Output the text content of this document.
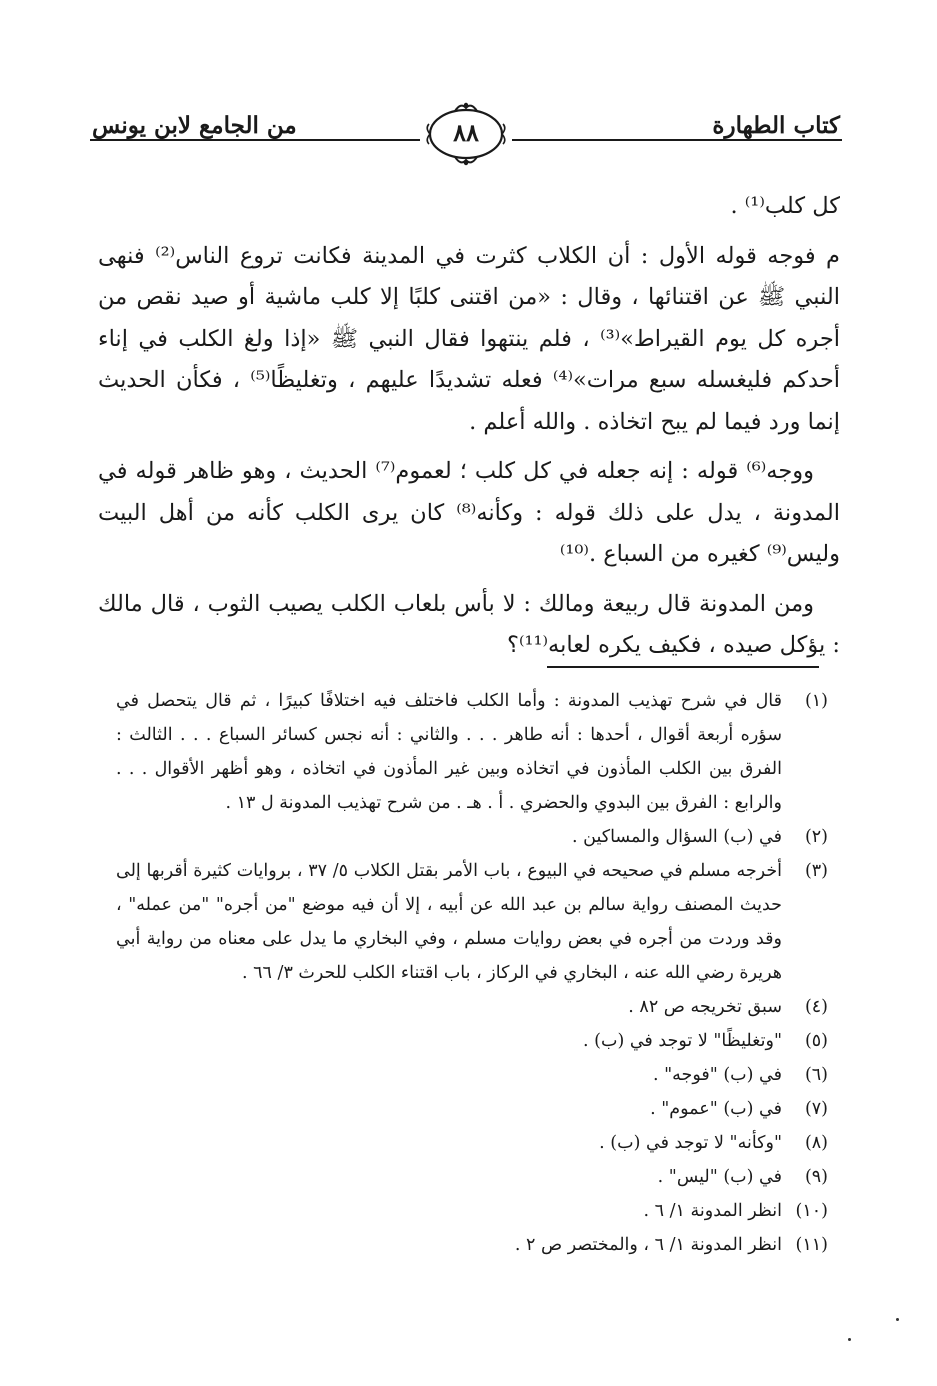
كتاب الطهارة
من الجامع لابن يونس	٨٨

كل كلب⁽¹⁾ .

م فوجه قوله الأول : أن الكلاب كثرت في المدينة فكانت تروع الناس⁽²⁾ فنهى النبي ﷺ عن اقتنائها ، وقال : «من اقتنى كلبًا إلا كلب ماشية أو صيد نقص من أجره كل يوم القيراط»⁽³⁾ ، فلم ينتهوا فقال النبي ﷺ «إذا ولغ الكلب في إناء أحدكم فليغسله سبع مرات»⁽⁴⁾ فعله تشديدًا عليهم ، وتغليظًا⁽⁵⁾ ، فكأن الحديث إنما ورد فيما لم يبح اتخاذه . والله أعلم .

ووجه⁽⁶⁾ قوله : إنه جعله في كل كلب ؛ لعموم⁽⁷⁾ الحديث ، وهو ظاهر قوله في المدونة ، يدل على ذلك قوله : وكأنه⁽⁸⁾ كان يرى الكلب كأنه من أهل البيت وليس⁽⁹⁾ كغيره من السباع .⁽¹⁰⁾

ومن المدونة قال ربيعة ومالك : لا بأس بلعاب الكلب يصيب الثوب ، قال مالك : يؤكل صيده ، فكيف يكره لعابه⁽¹¹⁾؟

(١)
قال في شرح تهذيب المدونة : وأما الكلب فاختلف فيه اختلافًا كبيرًا ، ثم قال يتحصل في سؤره أربعة أقوال ، أحدها : أنه طاهر . . . والثاني : أنه نجس كسائر السباع . . . الثالث : الفرق بين الكلب المأذون في اتخاذه وبين غير المأذون في اتخاذه ، وهو أظهر الأقوال . . . والرابع : الفرق بين البدوي والحضري . أ . هـ . من شرح تهذيب المدونة ل ١٣ .
(٢)
في (ب) السؤال والمساكين .
(٣)
أخرجه مسلم في صحيحه في البيوع ، باب الأمر بقتل الكلاب ٥/ ٣٧ ، بروايات كثيرة أقربها إلى حديث المصنف رواية سالم بن عبد الله عن أبيه ، إلا أن فيه موضع "من أجره" "من عمله" ، وقد وردت من أجره في بعض روايات مسلم ، وفي البخاري ما يدل على معناه من رواية أبي هريرة رضي الله عنه ، البخاري في الركاز ، باب اقتناء الكلب للحرث ٣/ ٦٦ .
(٤)
سبق تخريجه ص ٨٢ .
(٥)
"وتغليظًا" لا توجد في (ب) .
(٦)
في (ب) "فوجه" .
(٧)
في (ب) "عموم" .
(٨)
"وكأنه" لا توجد في (ب) .
(٩)
في (ب) "ليس" .
(١٠)
انظر المدونة ١/ ٦ .
(١١)
انظر المدونة ١/ ٦ ، والمختصر ص ٢ .
